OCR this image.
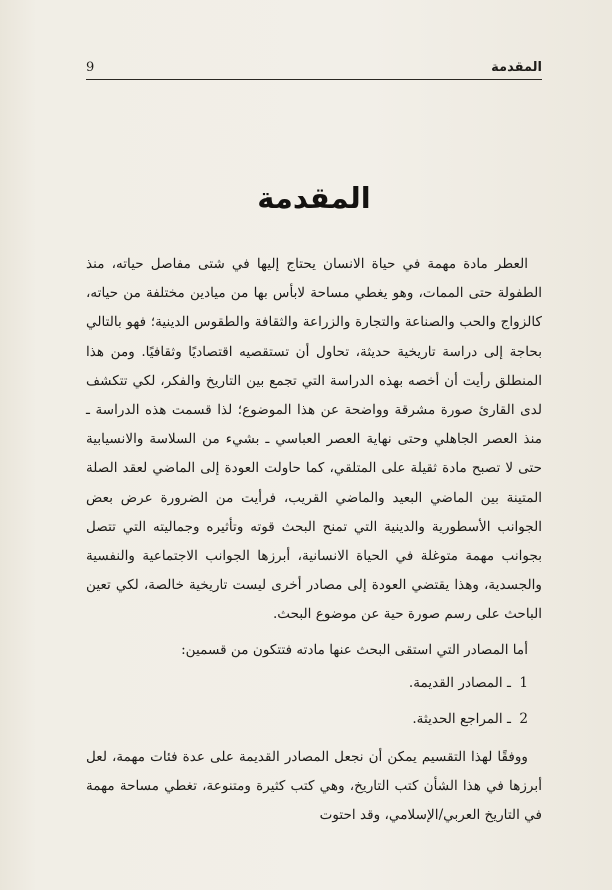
المقدمة
9
المقدمة

العطر مادة مهمة في حياة الانسان يحتاج إليها في شتى مفاصل حياته، منذ الطفولة حتى الممات، وهو يغطي مساحة لابأس بها من ميادين مختلفة من حياته، كالزواج والحب والصناعة والتجارة والزراعة والثقافة والطقوس الدينية؛ فهو بالتالي بحاجة إلى دراسة تاريخية حديثة، تحاول أن تستقصيه اقتصاديًا وثقافيًا. ومن هذا المنطلق رأيت أن أخصه بهذه الدراسة التي تجمع بين التاريخ والفكر، لكي تتكشف لدى القارئ صورة مشرقة وواضحة عن هذا الموضوع؛ لذا قسمت هذه الدراسة ـ منذ العصر الجاهلي وحتى نهاية العصر العباسي ـ بشيء من السلاسة والانسيابية حتى لا تصبح مادة ثقيلة على المتلقي، كما حاولت العودة إلى الماضي لعقد الصلة المتينة بين الماضي البعيد والماضي القريب، فرأيت من الضرورة عرض بعض الجوانب الأسطورية والدينية التي تمنح البحث قوته وتأثيره وجماليته التي تتصل بجوانب مهمة متوغلة في الحياة الانسانية، أبرزها الجوانب الاجتماعية والنفسية والجسدية، وهذا يقتضي العودة إلى مصادر أخرى ليست تاريخية خالصة، لكي تعين الباحث على رسم صورة حية عن موضوع البحث.

أما المصادر التي استقى البحث عنها مادته فتتكون من قسمين:

1 ـ المصادر القديمة.

2 ـ المراجع الحديثة.

ووفقًا لهذا التقسيم يمكن أن نجعل المصادر القديمة على عدة فئات مهمة، لعل أبرزها في هذا الشأن كتب التاريخ، وهي كتب كثيرة ومتنوعة، تغطي مساحة مهمة في التاريخ العربي/الإسلامي، وقد احتوت
